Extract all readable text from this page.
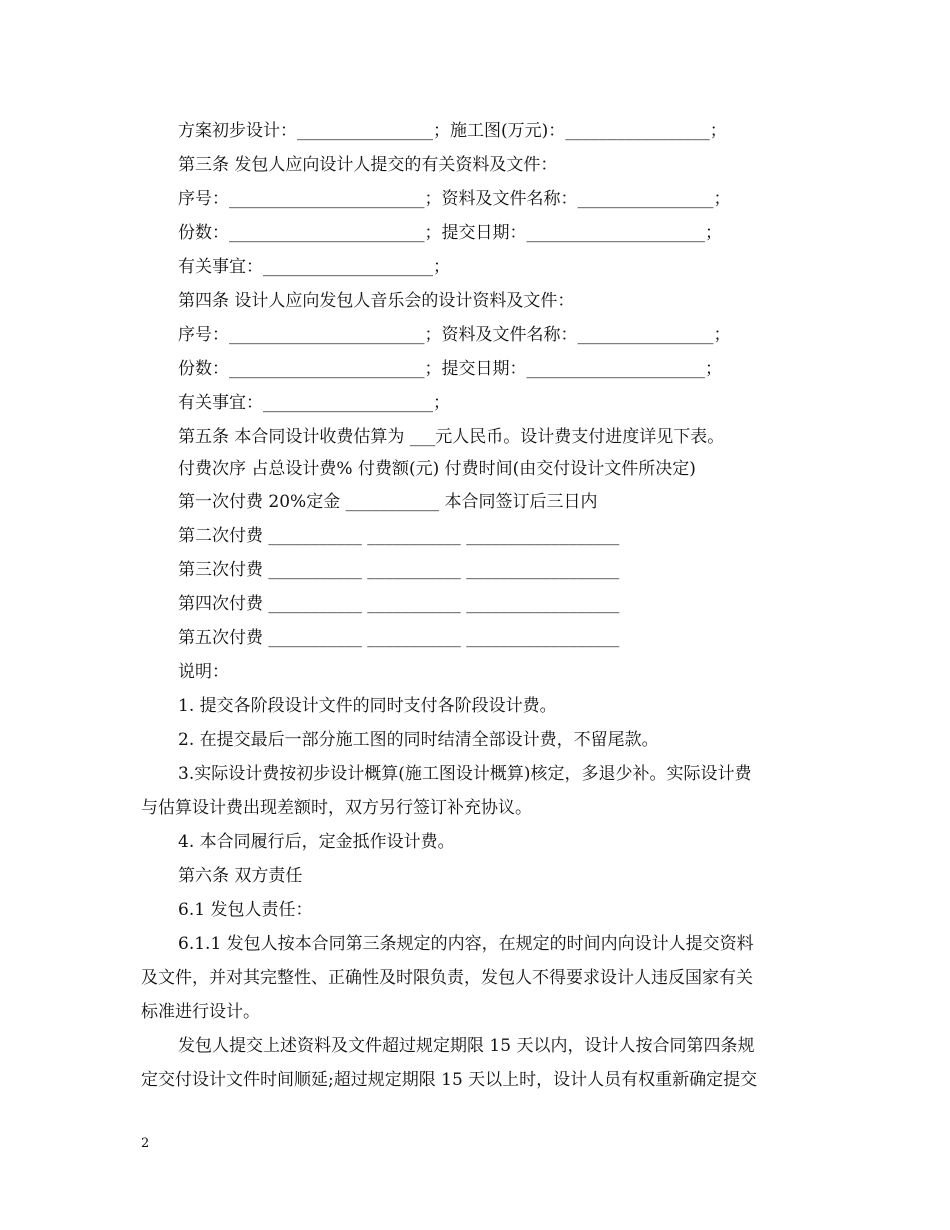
方案初步设计：________________；施工图(万元)：_________________；
第三条 发包人应向设计人提交的有关资料及文件：
序号：_______________________；资料及文件名称：________________；
份数：_______________________；提交日期：_____________________；
有关事宜：____________________；
第四条 设计人应向发包人音乐会的设计资料及文件：
序号：_______________________；资料及文件名称：________________；
份数：_______________________；提交日期：_____________________；
有关事宜：____________________；
第五条 本合同设计收费估算为 ___元人民币。设计费支付进度详见下表。
付费次序 占总设计费% 付费额(元) 付费时间(由交付设计文件所决定)
第一次付费 20%定金 ___________ 本合同签订后三日内
第二次付费 ___________ ___________ __________________
第三次付费 ___________ ___________ __________________
第四次付费 ___________ ___________ __________________
第五次付费 ___________ ___________ __________________
说明：
1. 提交各阶段设计文件的同时支付各阶段设计费。
2. 在提交最后一部分施工图的同时结清全部设计费，不留尾款。
3.实际设计费按初步设计概算(施工图设计概算)核定，多退少补。实际设计费
与估算设计费出现差额时，双方另行签订补充协议。
4. 本合同履行后，定金抵作设计费。
第六条 双方责任
6.1 发包人责任：
6.1.1 发包人按本合同第三条规定的内容，在规定的时间内向设计人提交资料
及文件，并对其完整性、正确性及时限负责，发包人不得要求设计人违反国家有关
标准进行设计。
发包人提交上述资料及文件超过规定期限 15 天以内，设计人按合同第四条规
定交付设计文件时间顺延;超过规定期限 15 天以上时，设计人员有权重新确定提交
2
